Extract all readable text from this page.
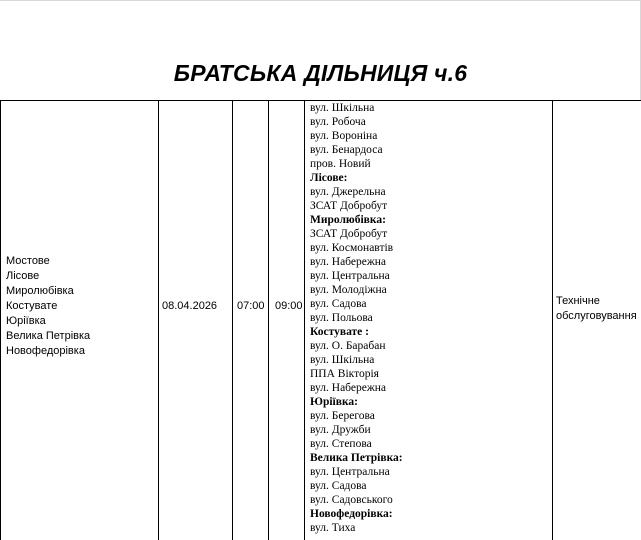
БРАТСЬКА ДІЛЬНИЦЯ ч.6
Мостове
Лісове
Миролюбівка
Костувате
Юріївка
Велика Петрівка
Новофедорівка
08.04.2026 07:00 09:00
вул. Шкільна
вул. Робоча
вул. Вороніна
вул. Бенардоса
пров. Новий
Лісове:
вул. Джерельна
ЗСАТ Добробут
Миролюбівка:
ЗСАТ Добробут
вул. Космонавтів
вул. Набережна
вул. Центральна
вул. Молодіжна
вул. Садова
вул. Польова
Костувате :
вул. О. Барабан
вул. Шкільна
ППА Вікторія
вул. Набережна
Юріївка:
вул. Берегова
вул. Дружби
вул. Степова
Велика Петрівка:
вул. Центральна
вул. Садова
вул. Садовського
Новофедорівка:
вул. Тиха
Технічне обслуговування
